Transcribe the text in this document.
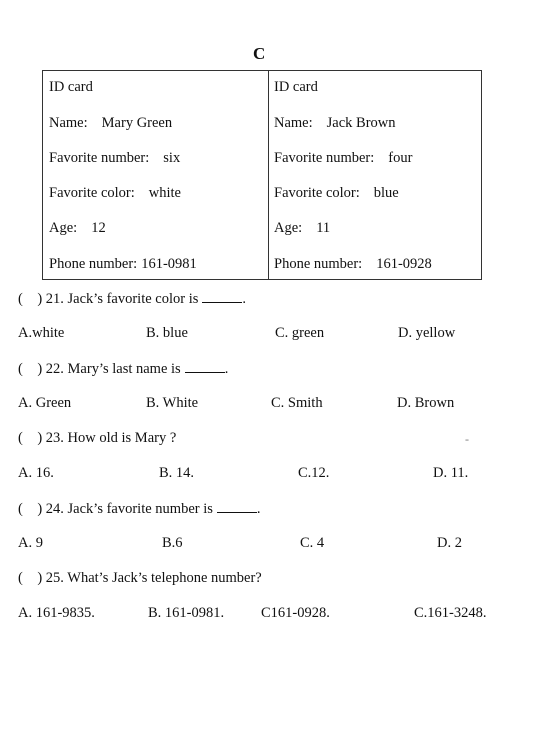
C
ID card
Name: Mary Green
Favorite number: six
Favorite color: white
Age: 12
Phone number: 161-0981
ID card
Name: Jack Brown
Favorite number: four
Favorite color: blue
Age: 11
Phone number: 161-0928
(    ) 21. Jack’s favorite color is	.
A.white	B. blue	C. green	D. yellow
(    ) 22. Mary’s last name is	.
A. Green	B. White	C. Smith	D. Brown
(    ) 23. How old is Mary ?	-
A. 16.	B. 14.	C.12.	D. 11.
(    ) 24. Jack’s favorite number is	.
A. 9	B.6	C. 4	D. 2
(    ) 25. What’s Jack’s telephone number?
A. 161-9835.	B. 161-0981.	C161-0928.	C.161-3248.
